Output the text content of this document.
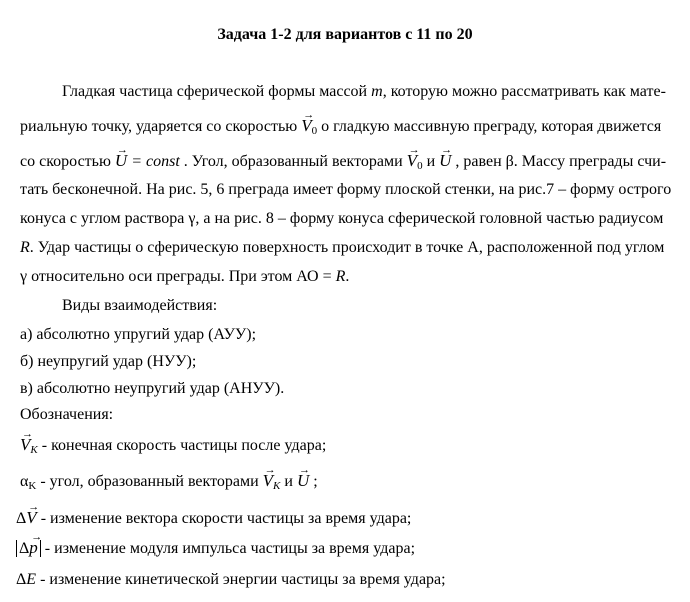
Задача 1-2 для вариантов с 11 по 20
Гладкая частица сферической формы массой m, которую можно рассматривать как мате-
риальную точку, ударяется со скоростью → V0 о гладкую массивную преграду, которая движется
со скоростью → U = const . Угол, образованный векторами → V0 и → U , равен β. Массу преграды счи-
тать бесконечной. На рис. 5, 6 преграда имеет форму плоской стенки, на рис.7 – форму острого
конуса с углом раствора γ, а на рис. 8 – форму конуса сферической головной частью радиусом
R. Удар частицы о сферическую поверхность происходит в точке А, расположенной под углом
γ относительно оси преграды. При этом АО = R.
Виды взаимодействия:
а) абсолютно упругий удар (АУУ);
б) неупругий удар (НУУ);
в) абсолютно неупругий удар (АНУУ).
Обозначения:
→ $V_K$ - конечная скорость частицы после удара;
αK - угол, образованный векторами → $V_K$ и → U ;
Δ→ V - изменение вектора скорости частицы за время удара;
Δ→ p - изменение модуля импульса частицы за время удара;
ΔE - изменение кинетической энергии частицы за время удара;
